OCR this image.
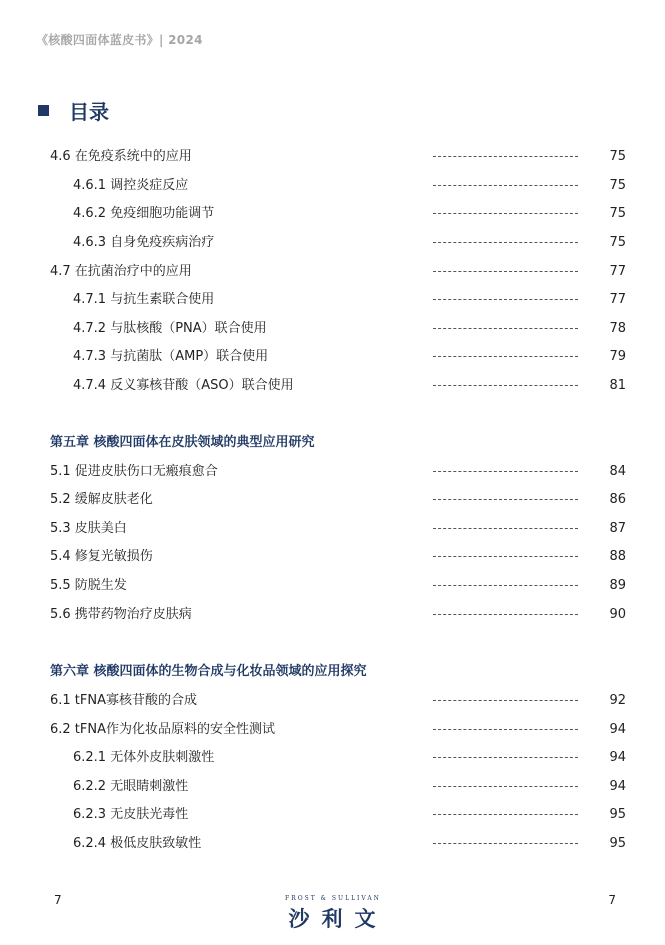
《核酸四面体蓝皮书》| 2024
目录
4.6 在免疫系统中的应用	75
4.6.1 调控炎症反应	75
4.6.2 免疫细胞功能调节	75
4.6.3 自身免疫疾病治疗	75
4.7 在抗菌治疗中的应用	77
4.7.1 与抗生素联合使用	77
4.7.2 与肽核酸（PNA）联合使用	78
4.7.3 与抗菌肽（AMP）联合使用	79
4.7.4 反义寡核苷酸（ASO）联合使用	81
第五章 核酸四面体在皮肤领域的典型应用研究
5.1 促进皮肤伤口无瘢痕愈合	84
5.2 缓解皮肤老化	86
5.3 皮肤美白	87
5.4 修复光敏损伤	88
5.5 防脱生发	89
5.6 携带药物治疗皮肤病	90
第六章 核酸四面体的生物合成与化妆品领域的应用探究
6.1 tFNA寡核苷酸的合成	92
6.2 tFNA作为化妆品原料的安全性测试	94
6.2.1 无体外皮肤刺激性	94
6.2.2 无眼睛刺激性	94
6.2.3 无皮肤光毒性	95
6.2.4 极低皮肤致敏性	95
7	FROST & SULLIVAN
沙利文
7
